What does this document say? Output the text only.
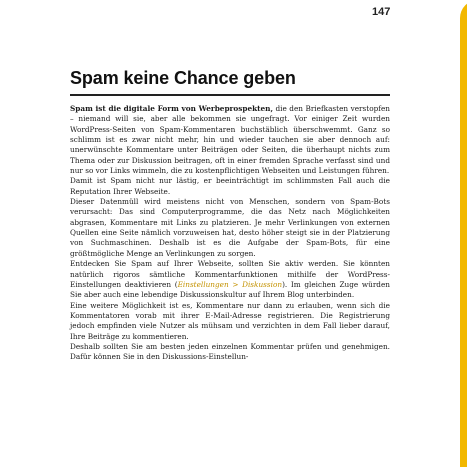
147
Spam keine Chance geben

Spam ist die digitale Form von Werbeprospekten, die den Briefkasten verstopfen – niemand will sie, aber alle bekommen sie ungefragt. Vor einiger Zeit wurden WordPress-Seiten von Spam-Kommentaren buchstäblich überschwemmt. Ganz so schlimm ist es zwar nicht mehr, hin und wieder tauchen sie aber dennoch auf: unerwünschte Kommentare unter Beiträgen oder Seiten, die überhaupt nichts zum Thema oder zur Diskussion beitragen, oft in einer fremden Sprache verfasst sind und nur so vor Links wimmeln, die zu kostenpflichtigen Webseiten und Leistungen führen.

Damit ist Spam nicht nur lästig, er beeinträchtigt im schlimmsten Fall auch die Reputation Ihrer Webseite.

Dieser Datenmüll wird meistens nicht von Menschen, sondern von Spam-Bots verursacht: Das sind Computerprogramme, die das Netz nach Möglichkeiten abgrasen, Kommentare mit Links zu platzieren. Je mehr Verlinkungen von externen Quellen eine Seite nämlich vorzuweisen hat, desto höher steigt sie in der Platzierung von Suchmaschinen. Deshalb ist es die Aufgabe der Spam-Bots, für eine größtmögliche Menge an Verlinkungen zu sorgen.

Entdecken Sie Spam auf Ihrer Webseite, sollten Sie aktiv werden. Sie könnten natürlich rigoros sämtliche Kommentarfunktionen mithilfe der WordPress-Einstellungen deaktivieren (Einstellungen > Diskussion). Im gleichen Zuge würden Sie aber auch eine lebendige Diskussionskultur auf Ihrem Blog unterbinden.

Eine weitere Möglichkeit ist es, Kommentare nur dann zu erlauben, wenn sich die Kommentatoren vorab mit ihrer E-Mail-Adresse registrieren. Die Registrierung jedoch empfinden viele Nutzer als mühsam und verzichten in dem Fall lieber darauf, Ihre Beiträge zu kommentieren.

Deshalb sollten Sie am besten jeden einzelnen Kommentar prüfen und genehmigen. Dafür können Sie in den Diskussions-Einstellun-
